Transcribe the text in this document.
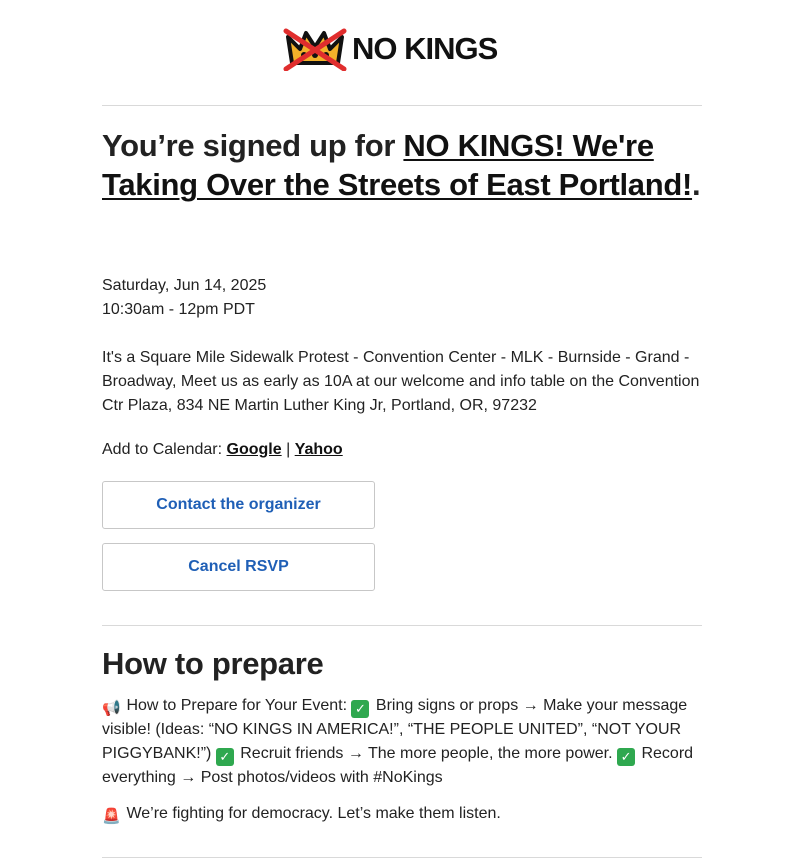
NO KINGS
You’re signed up for NO KINGS! We're Taking Over the Streets of East Portland!.

Saturday, Jun 14, 2025

10:30am - 12pm PDT

It's a Square Mile Sidewalk Protest - Convention Center - MLK - Burnside - Grand - Broadway, Meet us as early as 10A at our welcome and info table on the Convention Ctr Plaza, 834 NE Martin Luther King Jr, Portland, OR, 97232

Add to Calendar: Google | Yahoo

Contact the organizer
Cancel RSVP
How to prepare

📢 How to Prepare for Your Event: ✓ Bring signs or props → Make your message visible! (Ideas: “NO KINGS IN AMERICA!”, “THE PEOPLE UNITED”, “NOT YOUR PIGGYBANK!”) ✓ Recruit friends → The more people, the more power. ✓ Record everything → Post photos/videos with #NoKings

🚨 We’re fighting for democracy. Let’s make them listen.
